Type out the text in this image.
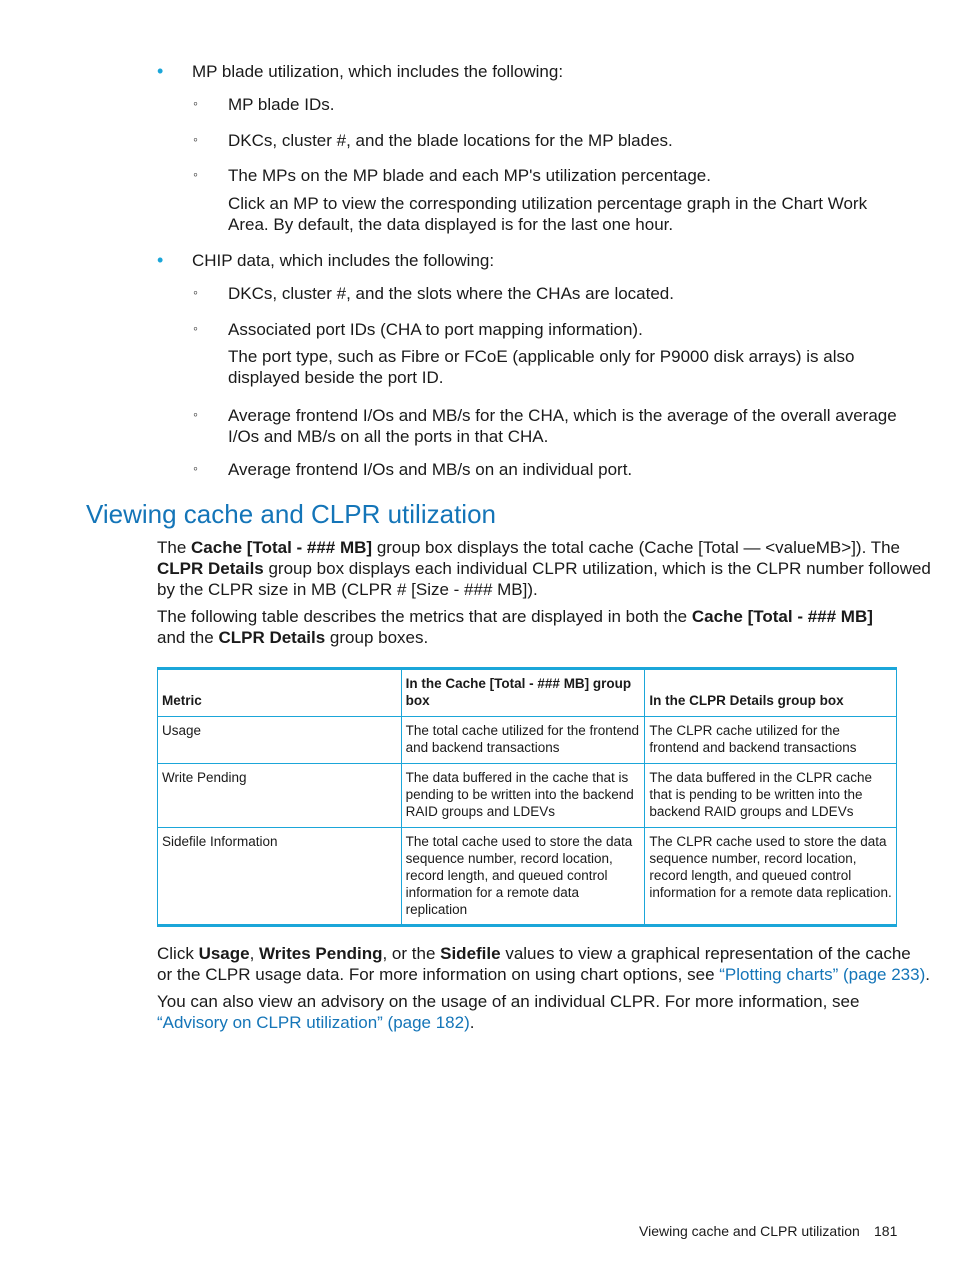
• MP blade utilization, which includes the following:
◦ MP blade IDs.
◦ DKCs, cluster #, and the blade locations for the MP blades.
◦ The MPs on the MP blade and each MP's utilization percentage.
Click an MP to view the corresponding utilization percentage graph in the Chart Work
Area. By default, the data displayed is for the last one hour.
• CHIP data, which includes the following:
◦ DKCs, cluster #, and the slots where the CHAs are located.
◦ Associated port IDs (CHA to port mapping information).
The port type, such as Fibre or FCoE (applicable only for P9000 disk arrays) is also
displayed beside the port ID.
◦ Average frontend I/Os and MB/s for the CHA, which is the average of the overall average
I/Os and MB/s on all the ports in that CHA.
◦ Average frontend I/Os and MB/s on an individual port.
Viewing cache and CLPR utilization
The Cache [Total - ### MB] group box displays the total cache (Cache [Total — <valueMB>]). The
CLPR Details group box displays each individual CLPR utilization, which is the CLPR number followed
by the CLPR size in MB (CLPR # [Size - ### MB]).
The following table describes the metrics that are displayed in both the Cache [Total - ### MB]
and the CLPR Details group boxes.
Metric	In the Cache [Total - ### MB] group box	In the CLPR Details group box
Usage	The total cache utilized for the frontend and backend transactions	The CLPR cache utilized for the frontend and backend transactions
Write Pending	The data buffered in the cache that is pending to be written into the backend RAID groups and LDEVs	The data buffered in the CLPR cache that is pending to be written into the backend RAID groups and LDEVs
Sidefile Information	The total cache used to store the data sequence number, record location, record length, and queued control information for a remote data replication	The CLPR cache used to store the data sequence number, record location, record length, and queued control information for a remote data replication.
Click Usage, Writes Pending, or the Sidefile values to view a graphical representation of the cache
or the CLPR usage data. For more information on using chart options, see “Plotting charts” (page 233).
You can also view an advisory on the usage of an individual CLPR. For more information, see
“Advisory on CLPR utilization” (page 182).
Viewing cache and CLPR utilization 181
